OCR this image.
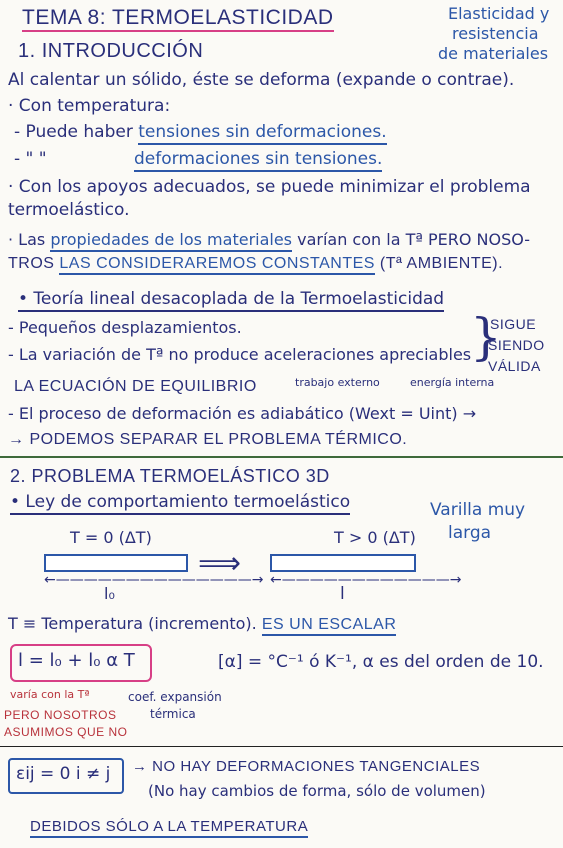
TEMA 8: TERMOELASTICIDAD	Elasticidad y
resistencia
de materiales
1. INTRODUCCIÓN
Al calentar un sólido, éste se deforma (expande o contrae).
· Con temperatura:
- Puede haber tensiones sin deformaciones.
- " "	deformaciones sin tensiones.
· Con los apoyos adecuados, se puede minimizar el problema
termoelástico.
· Las propiedades de los materiales varían con la Tª PERO NOSO-
TROS LAS CONSIDERAREMOS CONSTANTES (Tª AMBIENTE).
• Teoría lineal desacoplada de la Termoelasticidad
- Pequeños desplazamientos.
- La variación de Tª no produce aceleraciones apreciables
}
SIGUE
SIENDO
VÁLIDA
LA ECUACIÓN DE EQUILIBRIO	trabajo externo	energía interna
- El proceso de deformación es adiabático (Wext = Uint) →
→ PODEMOS SEPARAR EL PROBLEMA TÉRMICO.
2. PROBLEMA TERMOELÁSTICO 3D
• Ley de comportamiento termoelástico	Varilla muy
larga
T = 0 (ΔT)
←——————————————→
l₀
⟹
T > 0 (ΔT)
←————————————→
l
T ≡ Temperatura (incremento). ES UN ESCALAR
l = l₀ + l₀ α T	[α] = °C⁻¹ ó K⁻¹, α es del orden de 10.
varía con la Tª
PERO NOSOTROS
ASUMIMOS QUE NO
coef. expansión
térmica
εij = 0 i ≠ j → NO HAY DEFORMACIONES TANGENCIALES
(No hay cambios de forma, sólo de volumen)
DEBIDOS SÓLO A LA TEMPERATURA
